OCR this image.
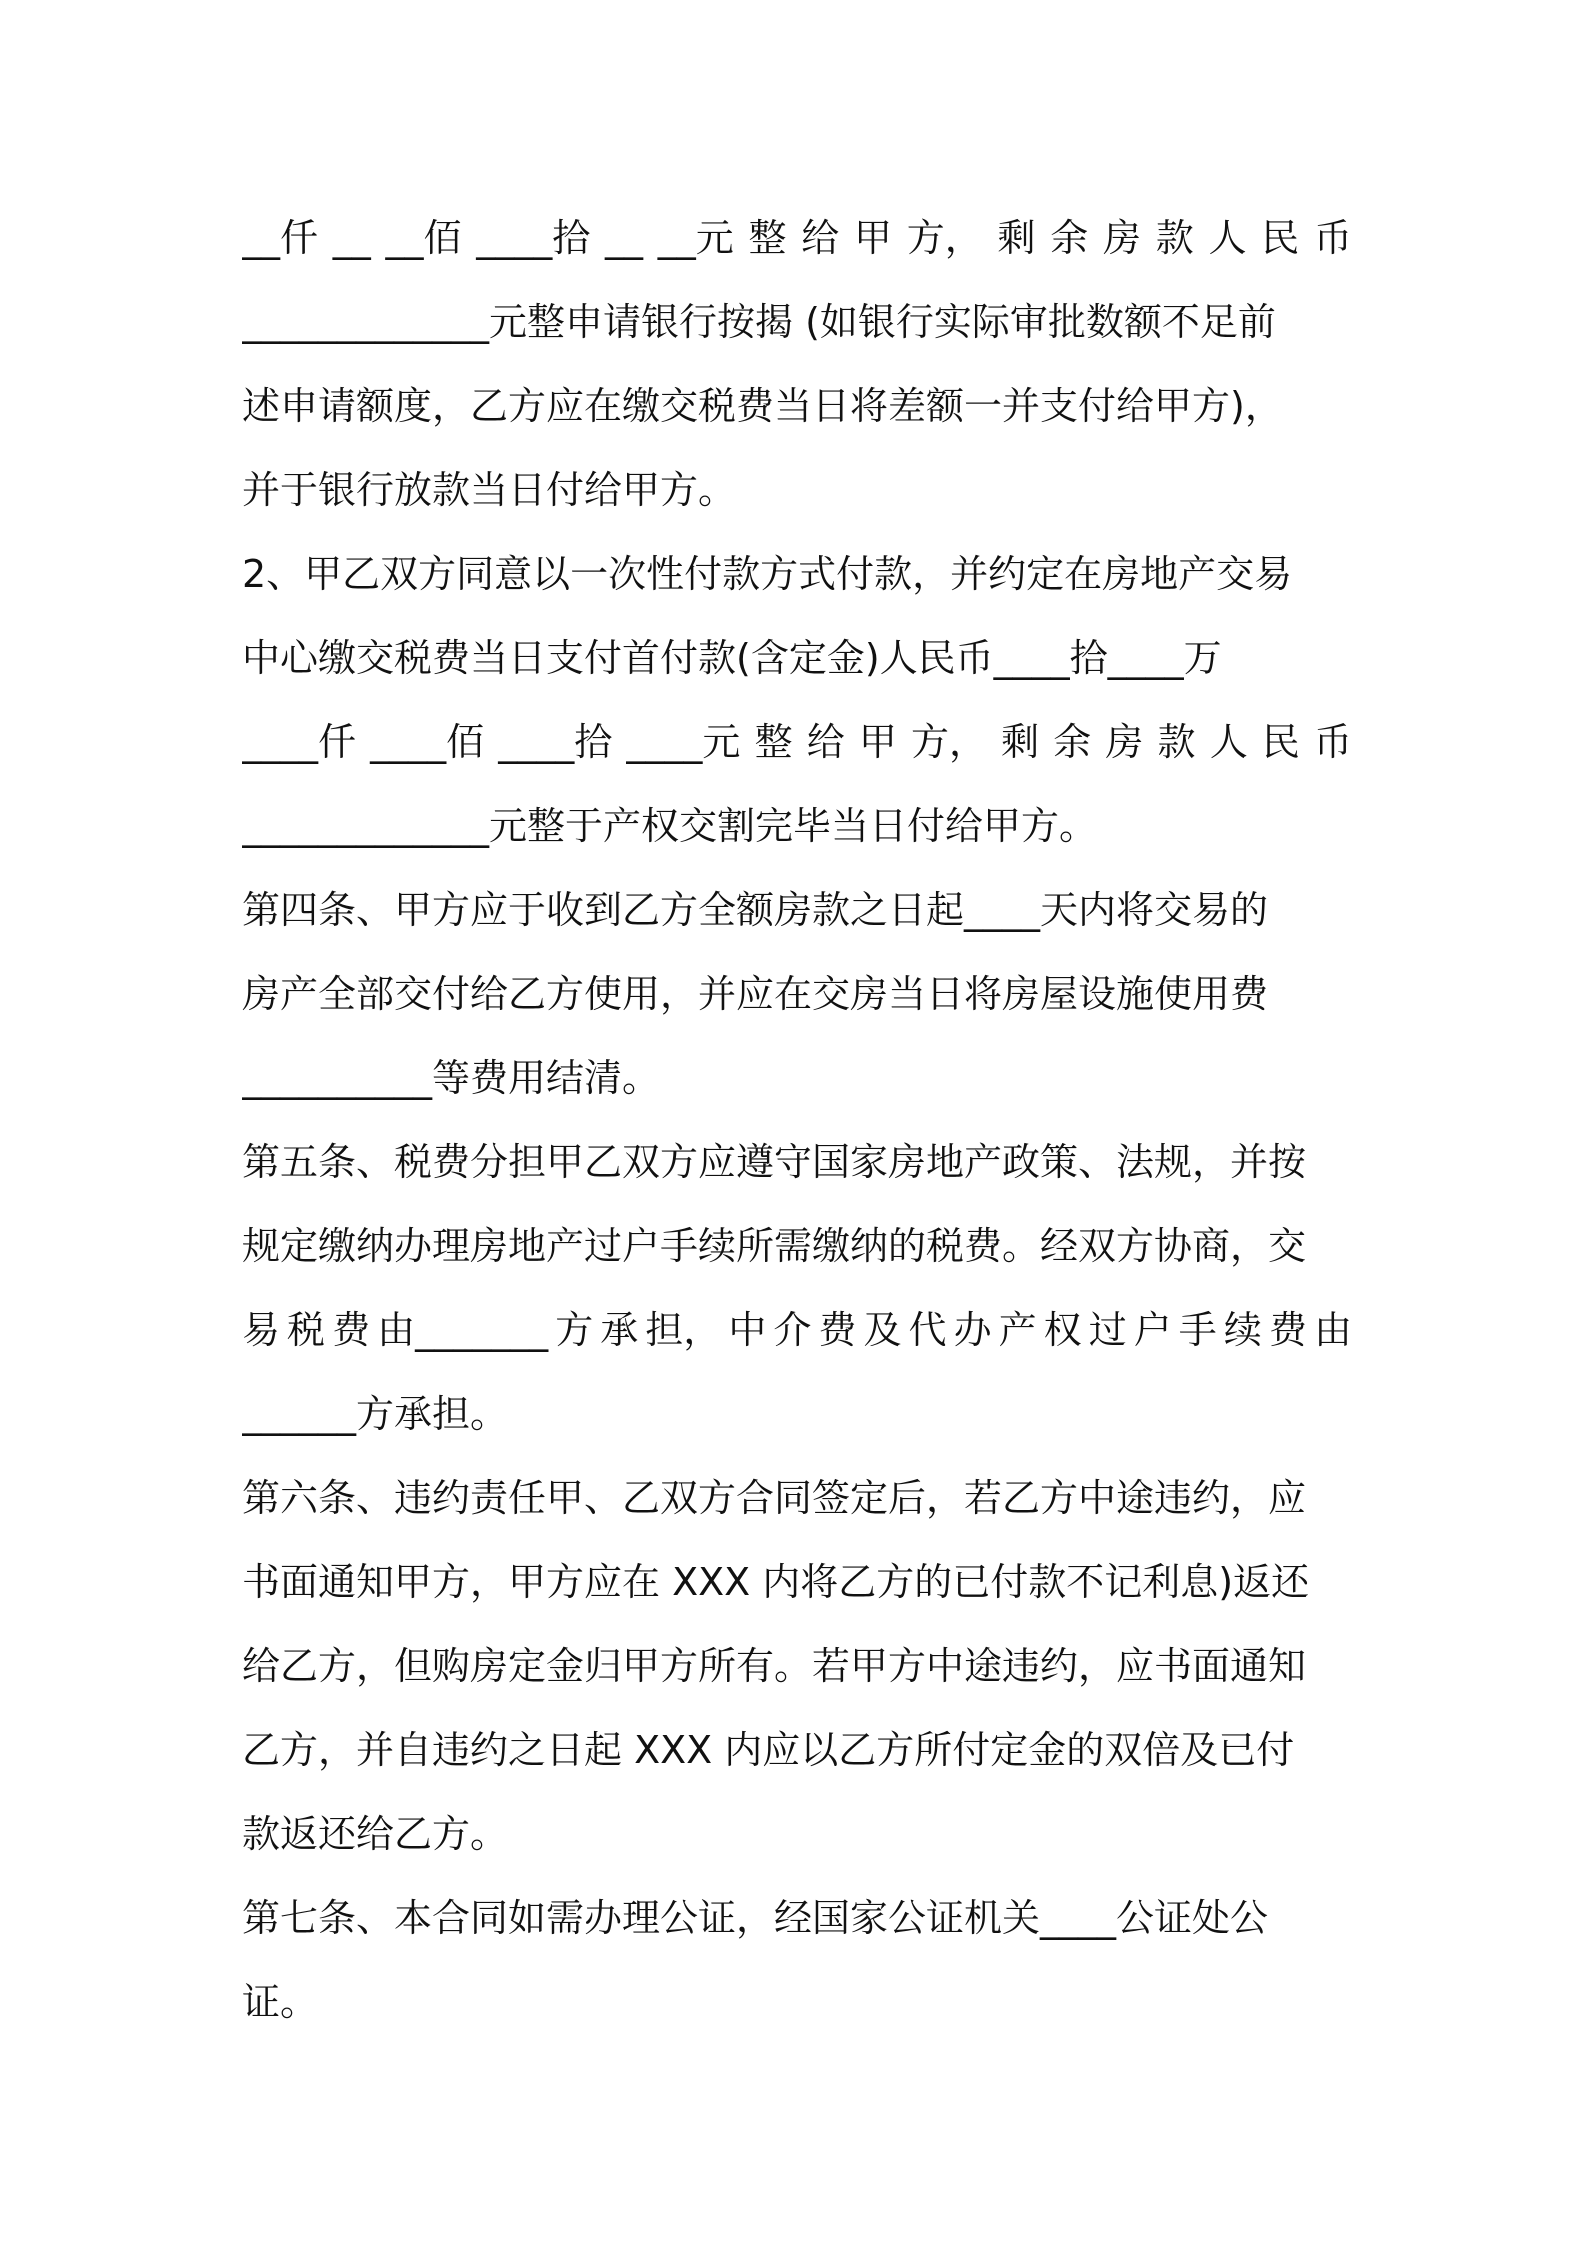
__仟 __ __佰 ____拾 __ __元 整 给 甲 方， 剩 余 房 款 人 民 币
_____________元整申请银行按揭 (如银行实际审批数额不足前
述申请额度，乙方应在缴交税费当日将差额一并支付给甲方)，
并于银行放款当日付给甲方。
2、甲乙双方同意以一次性付款方式付款，并约定在房地产交易
中心缴交税费当日支付首付款(含定金)人民币____拾____万
____仟 ____佰 ____拾 ____元 整 给 甲 方， 剩 余 房 款 人 民 币
_____________元整于产权交割完毕当日付给甲方。
第四条、甲方应于收到乙方全额房款之日起____天内将交易的
房产全部交付给乙方使用，并应在交房当日将房屋设施使用费
__________等费用结清。
第五条、税费分担甲乙双方应遵守国家房地产政策、法规，并按
规定缴纳办理房地产过户手续所需缴纳的税费。经双方协商，交
易 税 费 由_______ 方 承 担， 中 介 费 及 代 办 产 权 过 户 手 续 费 由
______方承担。
第六条、违约责任甲、乙双方合同签定后，若乙方中途违约，应
书面通知甲方，甲方应在 XXX 内将乙方的已付款不记利息)返还
给乙方，但购房定金归甲方所有。若甲方中途违约，应书面通知
乙方，并自违约之日起 XXX 内应以乙方所付定金的双倍及已付
款返还给乙方。
第七条、本合同如需办理公证，经国家公证机关____公证处公
证。
